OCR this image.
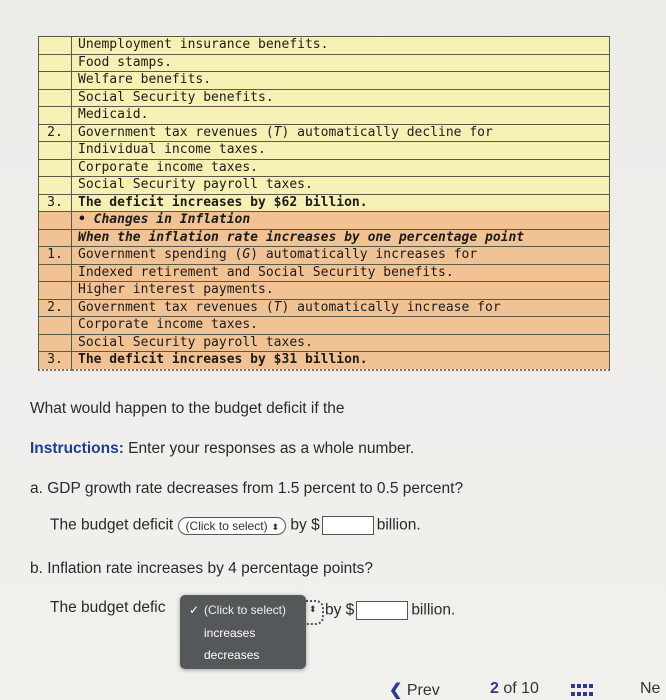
	Unemployment insurance benefits.
	Food stamps.
	Welfare benefits.
	Social Security benefits.
	Medicaid.
2.	Government tax revenues (T) automatically decline for
	Individual income taxes.
	Corporate income taxes.
	Social Security payroll taxes.
3.	The deficit increases by $62 billion.
	• Changes in Inflation
	When the inflation rate increases by one percentage point
1.	Government spending (G) automatically increases for
	Indexed retirement and Social Security benefits.
	Higher interest payments.
2.	Government tax revenues (T) automatically increase for
	Corporate income taxes.
	Social Security payroll taxes.
3.	The deficit increases by $31 billion.
What would happen to the budget deficit if the
Instructions: Enter your responses as a whole number.
a. GDP growth rate decreases from 1.5 percent to 0.5 percent?
The budget deficit (Click to select) ⬍ by $	billion.
b. Inflation rate increases by 4 percentage points?
The budget defic	⬍ by $	billion.
✓ (Click to select)
increases
decreases
❮ Prev	2 of 10	Ne
